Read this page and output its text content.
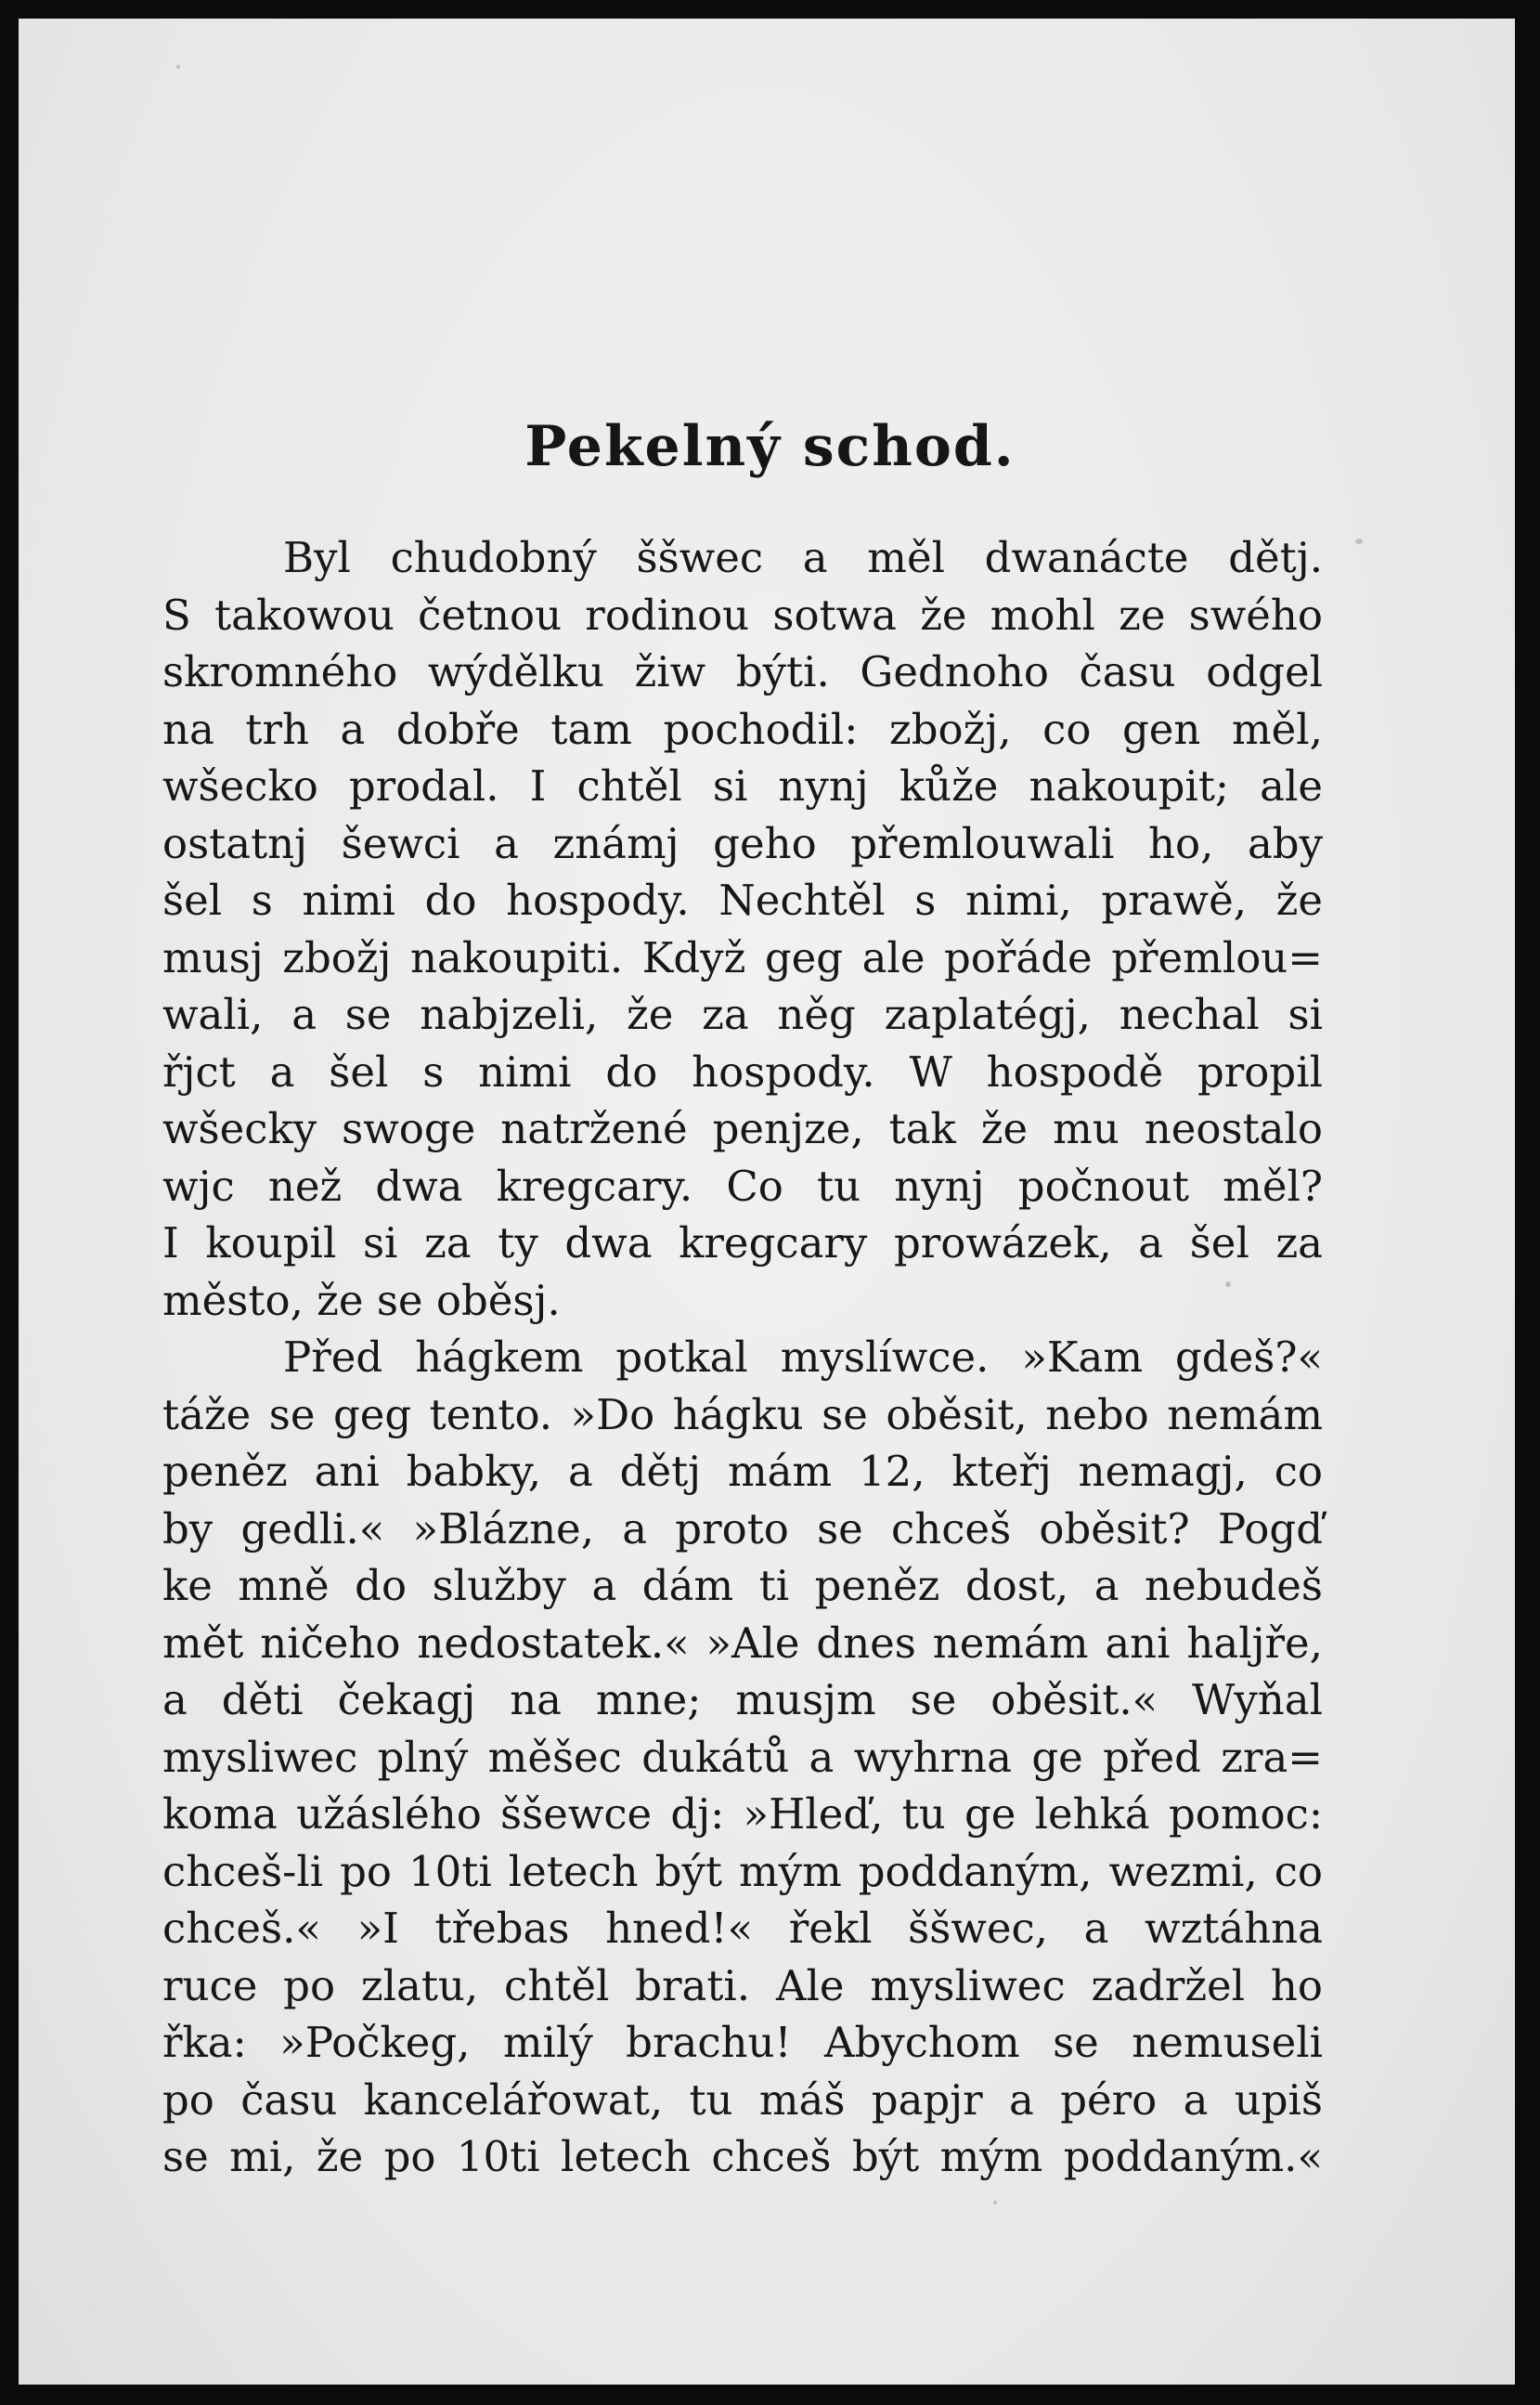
Pekelný schod.
Byl chudobný ššwec a měl dwanácte dětj.
S takowou četnou rodinou sotwa že mohl ze swého
skromného wýdělku žiw býti. Gednoho času odgel
na trh a dobře tam pochodil: zbožj, co gen měl,
wšecko prodal. I chtěl si nynj kůže nakoupit; ale
ostatnj šewci a známj geho přemlouwali ho, aby
šel s nimi do hospody. Nechtěl s nimi, prawě, že
musj zbožj nakoupiti. Když geg ale pořáde přemlou=
wali, a se nabjzeli, že za něg zaplatégj, nechal si
řjct a šel s nimi do hospody. W hospodě propil
wšecky swoge natržené penjze, tak že mu neostalo
wjc než dwa kregcary. Co tu nynj počnout měl?
I koupil si za ty dwa kregcary prowázek, a šel za
město, že se oběsj.
Před hágkem potkal myslíwce. »Kam gdeš?«
táže se geg tento. »Do hágku se oběsit, nebo nemám
peněz ani babky, a dětj mám 12, kteřj nemagj, co
by gedli.« »Blázne, a proto se chceš oběsit? Pogď
ke mně do služby a dám ti peněz dost, a nebudeš
mět ničeho nedostatek.« »Ale dnes nemám ani haljře,
a děti čekagj na mne; musjm se oběsit.« Wyňal
mysliwec plný měšec dukátů a wyhrna ge před zra=
koma užáslého ššewce dj: »Hleď, tu ge lehká pomoc:
chceš-li po 10ti letech být mým poddaným, wezmi, co
chceš.« »I třebas hned!« řekl ššwec, a wztáhna
ruce po zlatu, chtěl brati. Ale mysliwec zadržel ho
řka: »Počkeg, milý brachu! Abychom se nemuseli
po času kancelářowat, tu máš papjr a péro a upiš
se mi, že po 10ti letech chceš být mým poddaným.«
